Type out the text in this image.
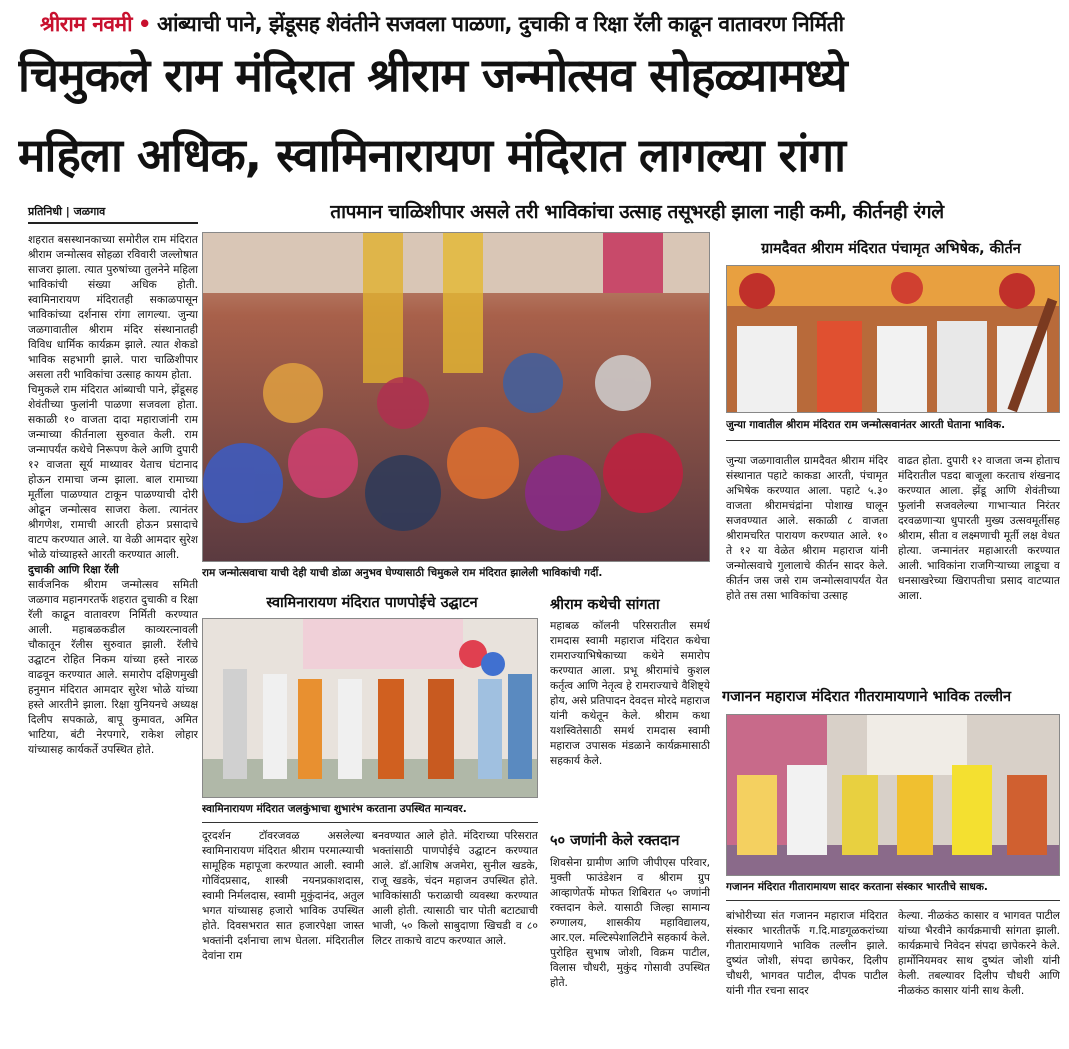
श्रीराम नवमी • आंब्याची पाने, झेंडूसह शेवंतीने सजवला पाळणा, दुचाकी व रिक्षा रॅली काढून वातावरण निर्मिती
चिमुकले राम मंदिरात श्रीराम जन्मोत्सव सोहळ्यामध्ये
महिला अधिक, स्वामिनारायण मंदिरात लागल्या रांगा
प्रतिनिधी | जळगाव	तापमान चाळिशीपार असले तरी भाविकांचा उत्साह तसूभरही झाला नाही कमी, कीर्तनही रंगले

शहरात बसस्थानकाच्या समोरील राम मंदिरात श्रीराम जन्मोत्सव सोहळा रविवारी जल्लोषात साजरा झाला. त्यात पुरुषांच्या तुलनेने महिला भाविकांची संख्या अधिक होती. स्वामिनारायण मंदिरातही सकाळपासून भाविकांच्या दर्शनास रांगा लागल्या. जुन्या जळगावातील श्रीराम मंदिर संस्थानातही विविध धार्मिक कार्यक्रम झाले. त्यात शेकडो भाविक सहभागी झाले. पारा चाळिशीपार असला तरी भाविकांचा उत्साह कायम होता.

चिमुकले राम मंदिरात आंब्याची पाने, झेंडूसह शेवंतीच्या फुलांनी पाळणा सजवला होता. सकाळी १० वाजता दादा महाराजांनी राम जन्माच्या कीर्तनाला सुरुवात केली. राम जन्मापर्यंत कथेचे निरूपण केले आणि दुपारी १२ वाजता सूर्य माथ्यावर येताच घंटानाद होऊन रामाचा जन्म झाला. बाल रामाच्या मूर्तीला पाळण्यात टाकून पाळण्याची दोरी ओढून जन्मोत्सव साजरा केला. त्यानंतर श्रीगणेश, रामाची आरती होऊन प्रसादाचे वाटप करण्यात आले. या वेळी आमदार सुरेश भोळे यांच्याहस्ते आरती करण्यात आली.

दुचाकी आणि रिक्षा रॅली

सार्वजनिक श्रीराम जन्मोत्सव समिती जळगाव महानगरतर्फे शहरात दुचाकी व रिक्षा रॅली काढून वातावरण निर्मिती करण्यात आली. महाबळकडील काव्यरत्नावली चौकातून रॅलीस सुरुवात झाली. रॅलीचे उद्घाटन रोहित निकम यांच्या हस्ते नारळ वाढवून करण्यात आले. समारोप दक्षिणमुखी हनुमान मंदिरात आमदार सुरेश भोळे यांच्या हस्ते आरतीने झाला. रिक्षा युनियनचे अध्यक्ष दिलीप सपकाळे, बापू कुमावत, अमित भाटिया, बंटी नेरपगारे, राकेश लोहार यांच्यासह कार्यकर्ते उपस्थित होते.

राम जन्मोत्सवाचा याची देही याची डोळा अनुभव घेण्यासाठी चिमुकले राम मंदिरात झालेली भाविकांची गर्दी.
स्वामिनारायण मंदिरात पाणपोईचे उद्घाटन
स्वामिनारायण मंदिरात जलकुंभाचा शुभारंभ करताना उपस्थित मान्यवर.
दूरदर्शन टॉवरजवळ असलेल्या स्वामिनारायण मंदिरात श्रीराम परमात्म्याची सामूहिक महापूजा करण्यात आली. स्वामी गोविंदप्रसाद, शास्त्री नयनप्रकाशदास, स्वामी निर्मलदास, स्वामी मुकुंदानंद, अतुल भगत यांच्यासह हजारो भाविक उपस्थित होते. दिवसभरात सात हजारपेक्षा जास्त भक्तांनी दर्शनाचा लाभ घेतला. मंदिरातील देवांना राम
बनवण्यात आले होते. मंदिराच्या परिसरात भक्तांसाठी पाणपोईचे उद्घाटन करण्यात आले. डॉ.आशिष अजमेरा, सुनील खडके, राजू खडके, चंदन महाजन उपस्थित होते. भाविकांसाठी फराळाची व्यवस्था करण्यात आली होती. त्यासाठी चार पोती बटाट्याची भाजी, ५० किलो साबुदाणा खिचडी व ८० लिटर ताकाचे वाटप करण्यात आले.
श्रीराम कथेची सांगता
महाबळ कॉलनी परिसरातील समर्थ रामदास स्वामी महाराज मंदिरात कथेचा रामराज्याभिषेकाच्या कथेने समारोप करण्यात आला. प्रभू श्रीरामांचे कुशल कर्तृत्व आणि नेतृत्व हे रामराज्याचे वैशिष्ट्ये होय, असे प्रतिपादन देवदत्त मोरदे महाराज यांनी कथेतून केले. श्रीराम कथा यशस्वितेसाठी समर्थ रामदास स्वामी महाराज उपासक मंडळाने कार्यक्रमासाठी सहकार्य केले.
५० जणांनी केले रक्तदान
शिवसेना ग्रामीण आणि जीपीएस परिवार, मुक्ती फाउंडेशन व श्रीराम ग्रुप आव्हाणेतर्फे मोफत शिबिरात ५० जणांनी रक्तदान केले. यासाठी जिल्हा सामान्य रुग्णालय, शासकीय महाविद्यालय, आर.एल. मल्टिस्पेशालिटीने सहकार्य केले. पुरोहित सुभाष जोशी, विक्रम पाटील, विलास चौधरी, मुकुंद गोसावी उपस्थित होते.
ग्रामदैवत श्रीराम मंदिरात पंचामृत अभिषेक, कीर्तन
जुन्या गावातील श्रीराम मंदिरात राम जन्मोत्सवानंतर आरती घेताना भाविक.
जुन्या जळगावातील ग्रामदैवत श्रीराम मंदिर संस्थानात पहाटे काकडा आरती, पंचामृत अभिषेक करण्यात आला. पहाटे ५.३० वाजता श्रीरामचंद्रांना पोशाख घालून सजवण्यात आले. सकाळी ८ वाजता श्रीरामचरित पारायण करण्यात आले. १० ते १२ या वेळेत श्रीराम महाराज यांनी जन्मोत्सवाचे गुलालाचे कीर्तन सादर केले. कीर्तन जस जसे राम जन्मोत्सवापर्यंत येत होते तस तसा भाविकांचा उत्साह
वाढत होता. दुपारी १२ वाजता जन्म होताच मंदिरातील पडदा बाजूला करताच शंखनाद करण्यात आला. झेंडू आणि शेवंतीच्या फुलांनी सजवलेल्या गाभाऱ्यात निरंतर दरवळणाऱ्या धुपारती मुख्य उत्सवमूर्तीसह श्रीराम, सीता व लक्ष्मणाची मूर्ती लक्ष वेधत होत्या. जन्मानंतर महाआरती करण्यात आली. भाविकांना राजगिऱ्याच्या लाडूचा व धनसाखरेच्या खिरापतीचा प्रसाद वाटप्यात आला.
गजानन महाराज मंदिरात गीतरामायणाने भाविक तल्लीन
गजानन मंदिरात गीतारामायण सादर करताना संस्कार भारतीचे साधक.
बांभोरीच्या संत गजानन महाराज मंदिरात संस्कार भारतीतर्फे ग.दि.माडगूळकरांच्या गीतारामायणाने भाविक तल्लीन झाले. दुष्यंत जोशी, संपदा छापेकर, दिलीप चौधरी, भागवत पाटील, दीपक पाटील यांनी गीत रचना सादर
केल्या. नीळकंठ कासार व भागवत पाटील यांच्या भैरवीने कार्यक्रमाची सांगता झाली. कार्यक्रमाचे निवेदन संपदा छापेकरने केले. हार्मोनियमवर साथ दुष्यंत जोशी यांनी केली. तबल्यावर दिलीप चौधरी आणि नीळकंठ कासार यांनी साथ केली.
